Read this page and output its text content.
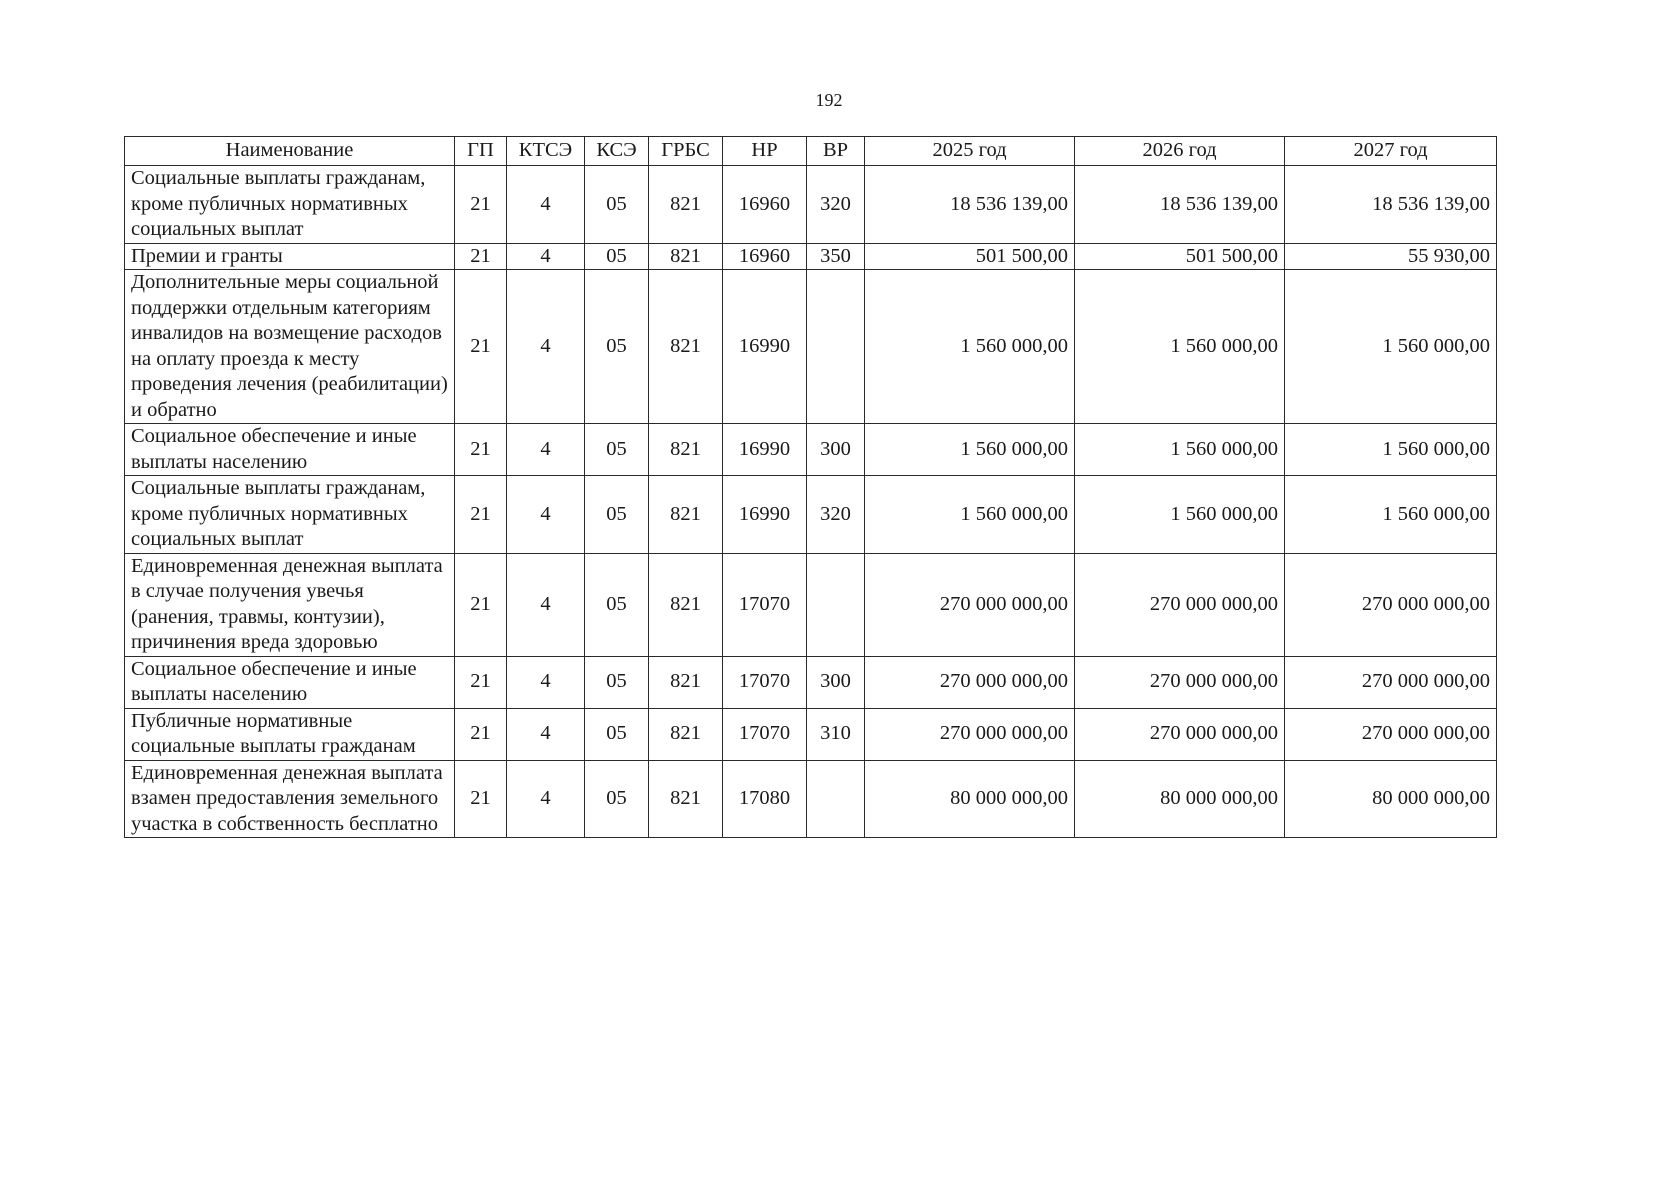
192
Наименование	ГП	КТСЭ	КСЭ	ГРБС	НР	ВР	2025 год	2026 год	2027 год
Социальные выплаты гражданам, кроме публичных нормативных социальных выплат	21	4	05	821	16960	320	18 536 139,00	18 536 139,00	18 536 139,00
Премии и гранты	21	4	05	821	16960	350	501 500,00	501 500,00	55 930,00
Дополнительные меры социальной поддержки отдельным категориям инвалидов на возмещение расходов на оплату проезда к месту проведения лечения (реабилитации) и обратно	21	4	05	821	16990		1 560 000,00	1 560 000,00	1 560 000,00
Социальное обеспечение и иные выплаты населению	21	4	05	821	16990	300	1 560 000,00	1 560 000,00	1 560 000,00
Социальные выплаты гражданам, кроме публичных нормативных социальных выплат	21	4	05	821	16990	320	1 560 000,00	1 560 000,00	1 560 000,00
Единовременная денежная выплата в случае получения увечья (ранения, травмы, контузии), причинения вреда здоровью	21	4	05	821	17070		270 000 000,00	270 000 000,00	270 000 000,00
Социальное обеспечение и иные выплаты населению	21	4	05	821	17070	300	270 000 000,00	270 000 000,00	270 000 000,00
Публичные нормативные социальные выплаты гражданам	21	4	05	821	17070	310	270 000 000,00	270 000 000,00	270 000 000,00
Единовременная денежная выплата взамен предоставления земельного участка в собственность бесплатно	21	4	05	821	17080		80 000 000,00	80 000 000,00	80 000 000,00
